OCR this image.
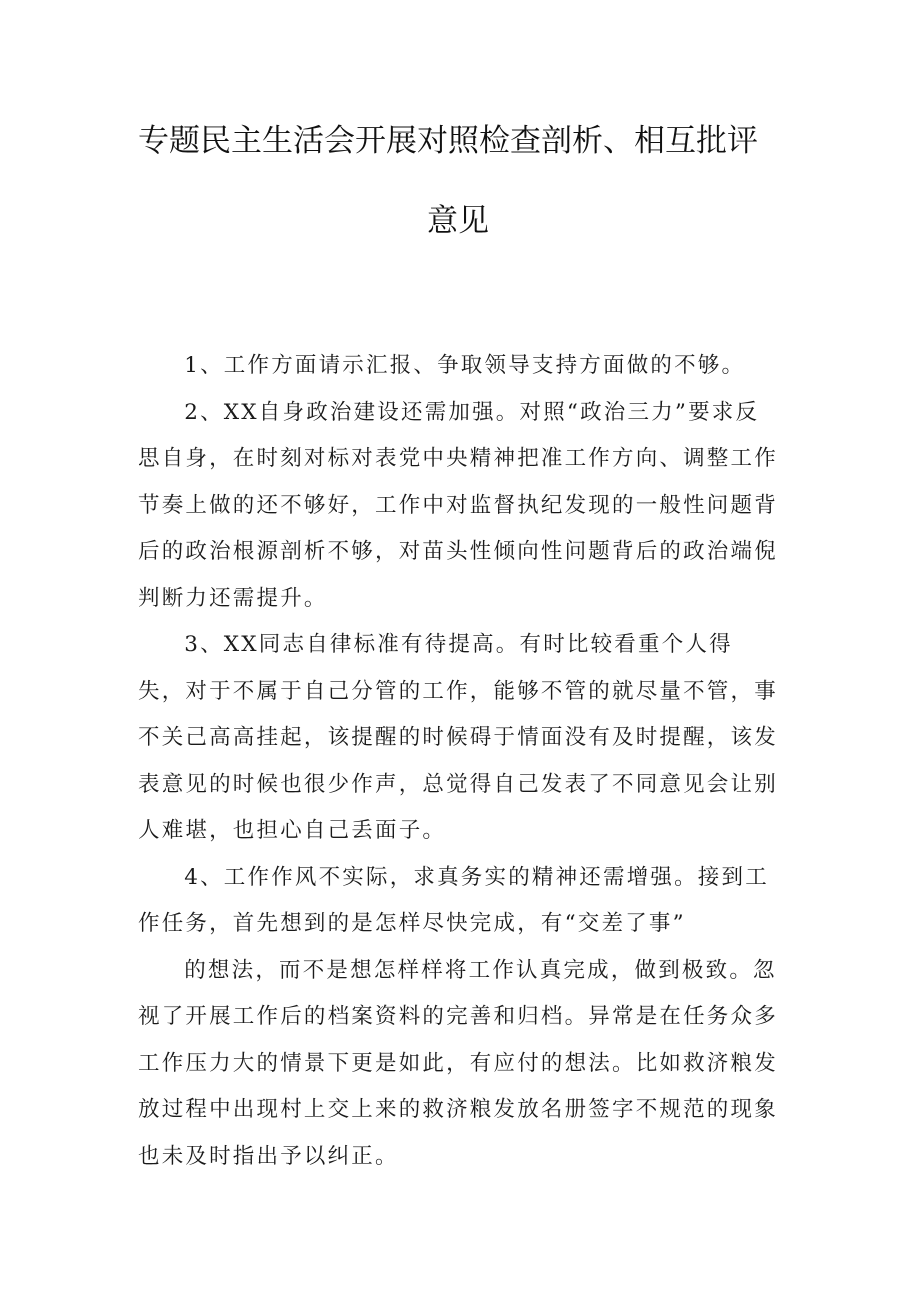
专题民主生活会开展对照检查剖析、相互批评
意见

1、工作方面请示汇报、争取领导支持方面做的不够。

2、XX自身政治建设还需加强。对照“政治三力”要求反思自身，在时刻对标对表党中央精神把准工作方向、调整工作节奏上做的还不够好，工作中对监督执纪发现的一般性问题背后的政治根源剖析不够，对苗头性倾向性问题背后的政治端倪判断力还需提升。

3、XX同志自律标准有待提高。有时比较看重个人得失，对于不属于自己分管的工作，能够不管的就尽量不管，事不关己高高挂起，该提醒的时候碍于情面没有及时提醒，该发表意见的时候也很少作声，总觉得自己发表了不同意见会让别人难堪，也担心自己丢面子。

4、工作作风不实际，求真务实的精神还需增强。接到工作任务，首先想到的是怎样尽快完成，有“交差了事”

的想法，而不是想怎样样将工作认真完成，做到极致。忽视了开展工作后的档案资料的完善和归档。异常是在任务众多工作压力大的情景下更是如此，有应付的想法。比如救济粮发放过程中出现村上交上来的救济粮发放名册签字不规范的现象也未及时指出予以纠正。
